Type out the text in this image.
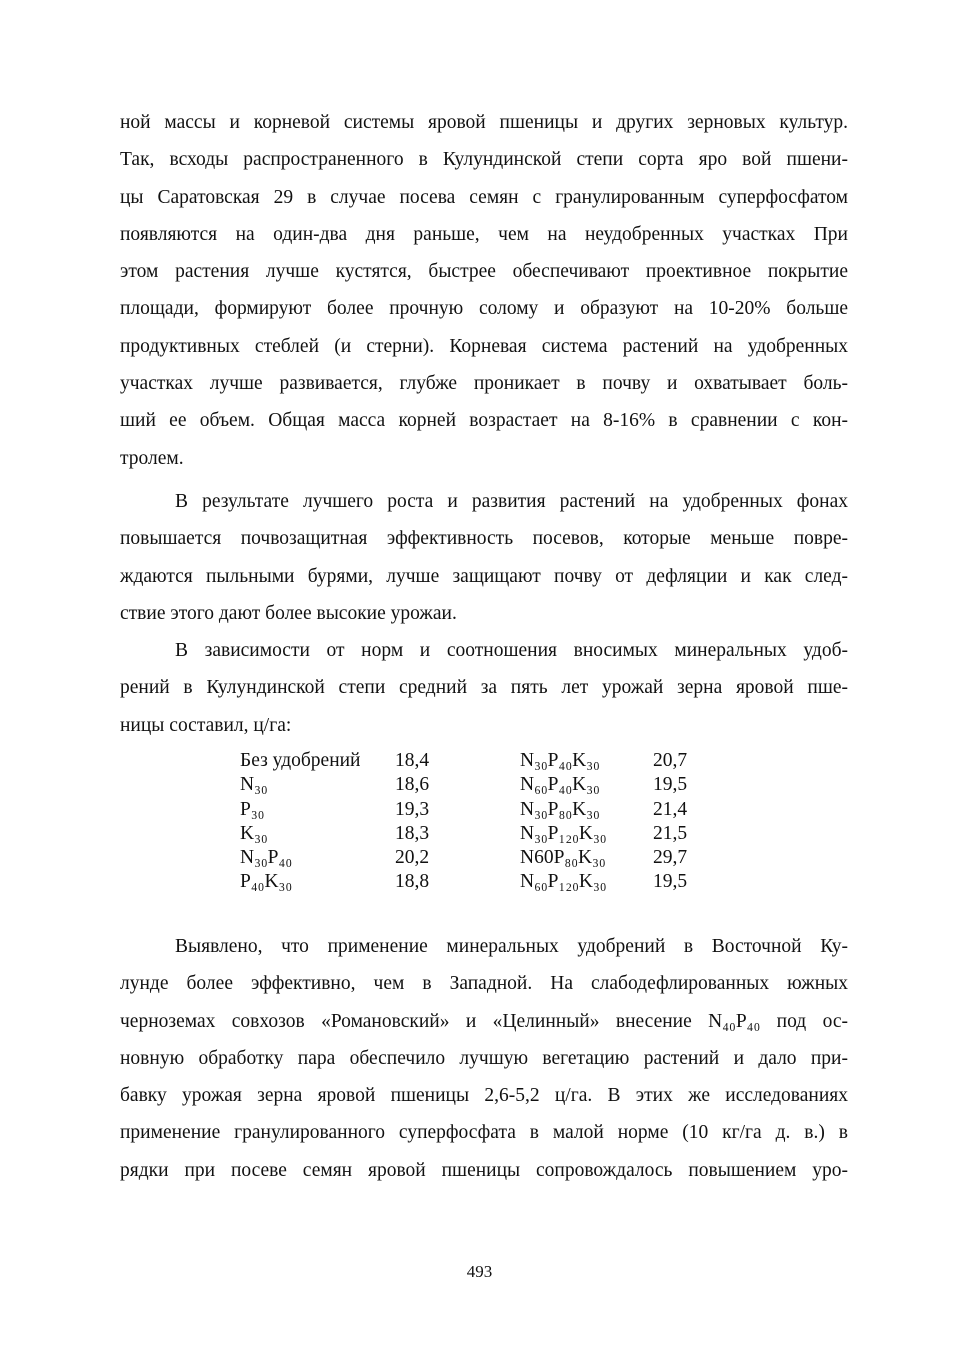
ной массы и корневой системы яровой пшеницы и других зерновых культур.
Так, всходы распространенного в Кулундинской степи сорта яро вой пшени-
цы Саратовская 29 в случае посева семян с гранулированным суперфосфатом
появляются на один-два дня раньше, чем на неудобренных участках При
этом растения лучше кустятся, быстрее обеспечивают проективное покрытие
площади, формируют более прочную солому и образуют на 10-20% больше
продуктивных стеблей (и стерни). Корневая система растений на удобренных
участках лучше развивается, глубже проникает в почву и охватывает боль-
ший ее объем. Общая масса корней возрастает на 8-16% в сравнении с кон-
тролем.
В результате лучшего роста и развития растений на удобренных фонах
повышается почвозащитная эффективность посевов, которые меньше повре-
ждаются пыльными бурями, лучше защищают почву от дефляции и как след-
ствие этого дают более высокие урожаи.
В зависимости от норм и соотношения вносимых минеральных удоб-
рений в Кулундинской степи средний за пять лет урожай зерна яровой пше-
ницы составил, ц/га:
Без удобрений 18,4	N₃₀P₄₀K₃₀	20,7
N₃₀	18,6	N₆₀P₄₀K₃₀	19,5
P₃₀	19,3	N₃₀P₈₀K₃₀	21,4
K₃₀	18,3	N₃₀P₁₂₀K₃₀ 21,5
N₃₀P₄₀	20,2	N60P₈₀K₃₀ 29,7
P₄₀K₃₀	18,8	N₆₀P₁₂₀K₃₀ 19,5
Выявлено, что применение минеральных удобрений в Восточной Ку-
лунде более эффективно, чем в Западной. На слабодефлированных южных
черноземах совхозов «Романовский» и «Целинный» внесение N₄₀P₄₀ под ос-
новную обработку пара обеспечило лучшую вегетацию растений и дало при-
бавку урожая зерна яровой пшеницы 2,6-5,2 ц/га. В этих же исследованиях
применение гранулированного суперфосфата в малой норме (10 кг/га д. в.) в
рядки при посеве семян яровой пшеницы сопровождалось повышением уро-
493
